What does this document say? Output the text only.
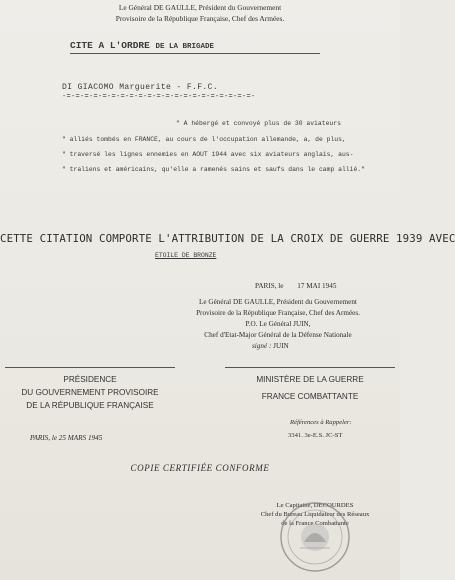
Le Général DE GAULLE, Président du Gouvernement
Provisoire de la République Française, Chef des Armées.
CITE A L'ORDRE DE LA BRIGADE
DI GIACOMO Marguerite - F.F.C.
-=-=-=-=-=-=-=-=-=-=-=-=-=-=-=-=-=-=-=-=-=-
" A hébergé et convoyé plus de 30 aviateurs
" alliés tombés en FRANCE, au cours de l'occupation allemande, a, de plus,
" traversé les lignes ennemies en AOUT 1944 avec six aviateurs anglais, aus-
" traliens et américains, qu'elle a ramenés sains et saufs dans le camp allié."
CETTE CITATION COMPORTE L'ATTRIBUTION DE LA CROIX DE GUERRE 1939 AVEC
ETOILE DE BRONZE
PARIS, le 17 MAI 1945
Le Général DE GAULLE, Président du Gouvernement
Provisoire de la République Française, Chef des Armées.
P.O. Le Général JUIN,
Chef d'Etat-Major Général de la Défense Nationale
signé : JUIN
PRÉSIDENCE
DU GOUVERNEMENT PROVISOIRE
DE LA RÉPUBLIQUE FRANÇAISE
PARIS, le 25 MARS 1945
MINISTÈRE DE LA GUERRE
FRANCE COMBATTANTE
Références à Rappeler:
3341. 3e-E.S. JC-ST
COPIE CERTIFIÉE CONFORME
Le Capitaine, DECOURDES
Chef du Bureau Liquidateur des Réseaux
de la France Combattante
